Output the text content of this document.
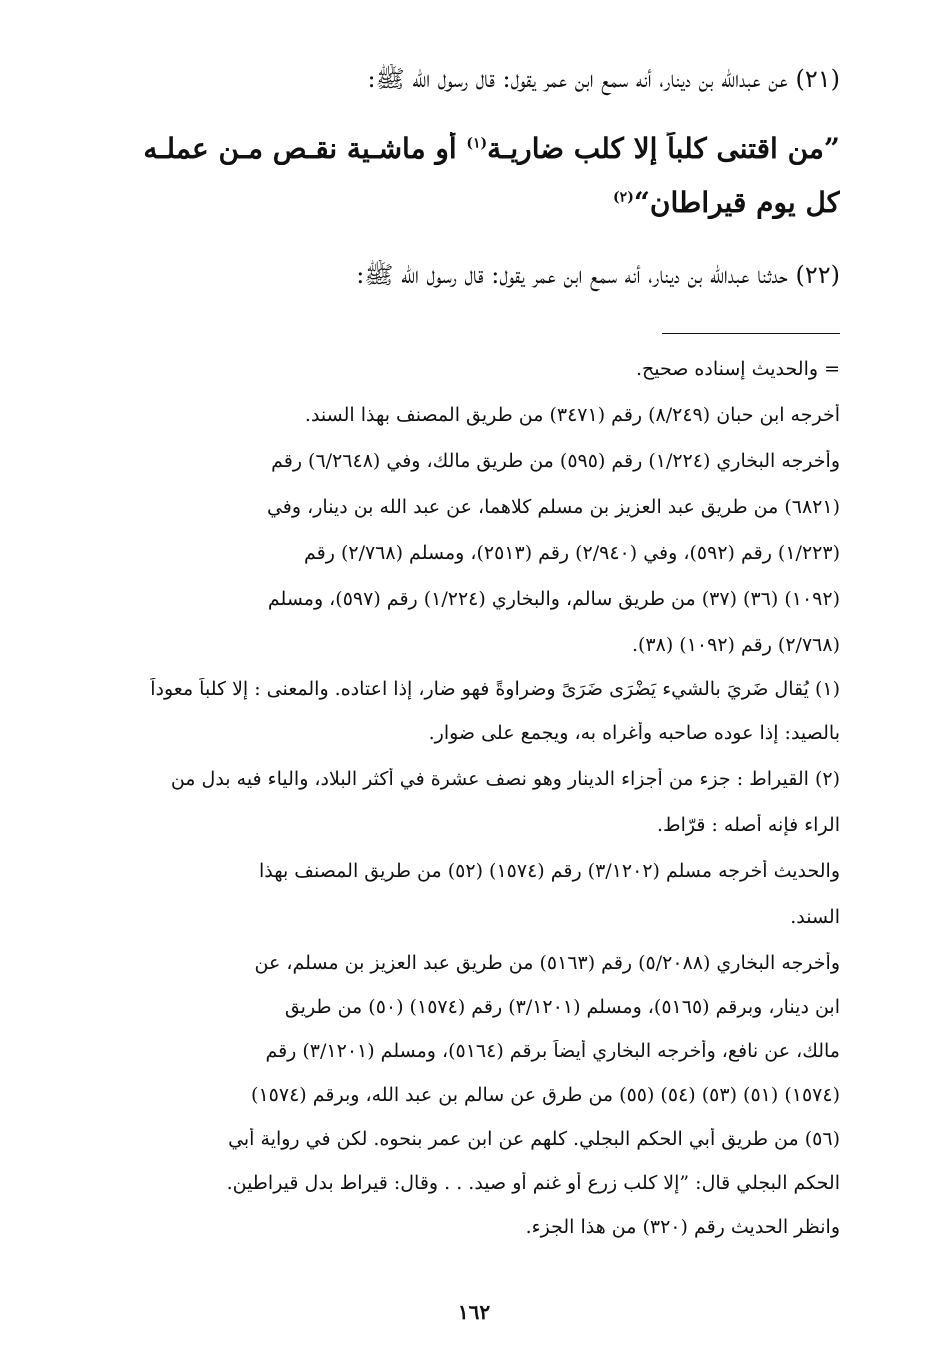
(٢١) عن عبدالله بن دينار، أنه سمع ابن عمر يقول: قال رسول الله ﷺ:
”من اقتنى كلباً إلا كلب ضاريـة$^{(١)}$ أو ماشـية نقـص مـن عملـه
كل يوم قيراطان“$^{(٢)}$
(٢٢) حدثنا عبدالله بن دينار، أنه سمع ابن عمر يقول: قال رسول الله ﷺ:
= والحديث إسناده صحيح.
أخرجه ابن حبان (٨/٢٤٩) رقم (٣٤٧١) من طريق المصنف بهذا السند.
وأخرجه البخاري (١/٢٢٤) رقم (٥٩٥) من طريق مالك، وفي (٦/٢٦٤٨) رقم
(٦٨٢١) من طريق عبد العزيز بن مسلم كلاهما، عن عبد الله بن دينار، وفي
(١/٢٢٣) رقم (٥٩٢)، وفي (٢/٩٤٠) رقم (٢٥١٣)، ومسلم (٢/٧٦٨) رقم
(١٠٩٢) (٣٦) (٣٧) من طريق سالم، والبخاري (١/٢٢٤) رقم (٥٩٧)، ومسلم
(٢/٧٦٨) رقم (١٠٩٢) (٣٨).
(١) يُقال ضَرِيَ بالشيء يَضْرَى ضَرَىً وضراوةً فهو ضار، إذا اعتاده. والمعنى : إلا كلباً معوداً
بالصيد: إذا عوده صاحبه وأغراه به، ويجمع على ضوار.
(٢) القيراط : جزء من أجزاء الدينار وهو نصف عشرة في أكثر البلاد، والياء فيه بدل من
الراء فإنه أصله : قرّاط.
والحديث أخرجه مسلم (٣/١٢٠٢) رقم (١٥٧٤) (٥٢) من طريق المصنف بهذا
السند.
وأخرجه البخاري (٥/٢٠٨٨) رقم (٥١٦٣) من طريق عبد العزيز بن مسلم، عن
ابن دينار، وبرقم (٥١٦٥)، ومسلم (٣/١٢٠١) رقم (١٥٧٤) (٥٠) من طريق
مالك، عن نافع، وأخرجه البخاري أيضاً برقم (٥١٦٤)، ومسلم (٣/١٢٠١) رقم
(١٥٧٤) (٥١) (٥٣) (٥٤) (٥٥) من طرق عن سالم بن عبد الله، وبرقم (١٥٧٤)
(٥٦) من طريق أبي الحكم البجلي. كلهم عن ابن عمر بنحوه. لكن في رواية أبي
الحكم البجلي قال: ”إلا كلب زرع أو غنم أو صيد. . . وقال: قيراط بدل قيراطين.
وانظر الحديث رقم (٣٢٠) من هذا الجزء.
١٦٢
